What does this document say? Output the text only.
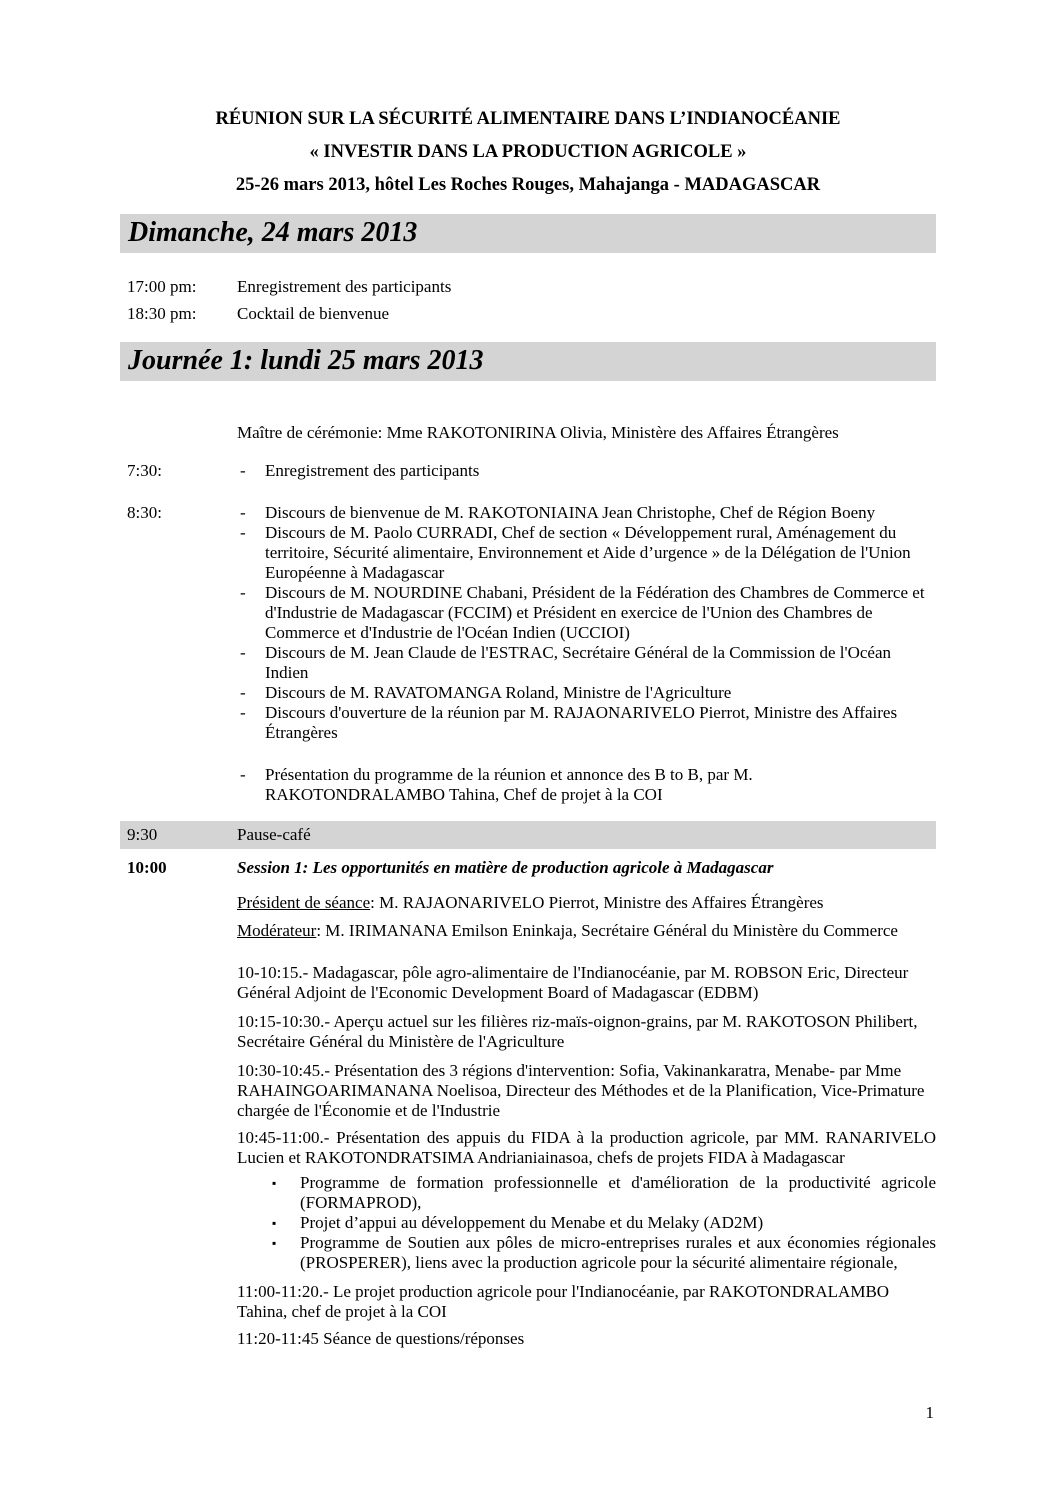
RÉUNION SUR LA SÉCURITÉ ALIMENTAIRE DANS L’INDIANOCÉANIE
« INVESTIR DANS LA PRODUCTION AGRICOLE »
25-26 mars 2013, hôtel Les Roches Rouges, Mahajanga - MADAGASCAR
Dimanche, 24 mars 2013
17:00 pm:	Enregistrement des participants
18:30 pm:	Cocktail de bienvenue
Journée 1: lundi 25 mars 2013
Maître de cérémonie: Mme RAKOTONIRINA Olivia, Ministère des Affaires Étrangères
7:30:	-	Enregistrement des participants
8:30:	-	Discours de bienvenue de M. RAKOTONIAINA Jean Christophe, Chef de Région Boeny
-	Discours de M. Paolo CURRADI, Chef de section « Développement rural, Aménagement du territoire, Sécurité alimentaire, Environnement et Aide d’urgence » de la Délégation de l'Union Européenne à Madagascar
-	Discours de M. NOURDINE Chabani, Président de la Fédération des Chambres de Commerce et d'Industrie de Madagascar (FCCIM) et Président en exercice de l'Union des Chambres de Commerce et d'Industrie de l'Océan Indien (UCCIOI)
-	Discours de M. Jean Claude de l'ESTRAC, Secrétaire Général de la Commission de l'Océan Indien
-	Discours de M. RAVATOMANGA Roland, Ministre de l'Agriculture
-	Discours d'ouverture de la réunion par M. RAJAONARIVELO Pierrot, Ministre des Affaires Étrangères
-	Présentation du programme de la réunion et annonce des B to B, par M. RAKOTONDRALAMBO Tahina, Chef de projet à la COI
9:30	Pause-café
10:00	Session 1: Les opportunités en matière de production agricole à Madagascar
Président de séance: M. RAJAONARIVELO Pierrot, Ministre des Affaires Étrangères
Modérateur: M. IRIMANANA Emilson Eninkaja, Secrétaire Général du Ministère du Commerce
10-10:15.- Madagascar, pôle agro-alimentaire de l'Indianocéanie, par M. ROBSON Eric, Directeur Général Adjoint de l'Economic Development Board of Madagascar (EDBM)
10:15-10:30.- Aperçu actuel sur les filières riz-maïs-oignon-grains, par M. RAKOTOSON Philibert, Secrétaire Général du Ministère de l'Agriculture
10:30-10:45.- Présentation des 3 régions d'intervention: Sofia, Vakinankaratra, Menabe- par Mme RAHAINGOARIMANANA Noelisoa, Directeur des Méthodes et de la Planification, Vice-Primature chargée de l'Économie et de l'Industrie
10:45-11:00.- Présentation des appuis du FIDA à la production agricole, par MM. RANARIVELO Lucien et RAKOTONDRATSIMA Andrianiainasoa, chefs de projets FIDA à Madagascar
▪	Programme de formation professionnelle et d'amélioration de la productivité agricole (FORMAPROD),
▪	Projet d’appui au développement du Menabe et du Melaky (AD2M)
▪	Programme de Soutien aux pôles de micro-entreprises rurales et aux économies régionales (PROSPERER), liens avec la production agricole pour la sécurité alimentaire régionale,
11:00-11:20.- Le projet production agricole pour l'Indianocéanie, par RAKOTONDRALAMBO Tahina, chef de projet à la COI
11:20-11:45 Séance de questions/réponses
1
